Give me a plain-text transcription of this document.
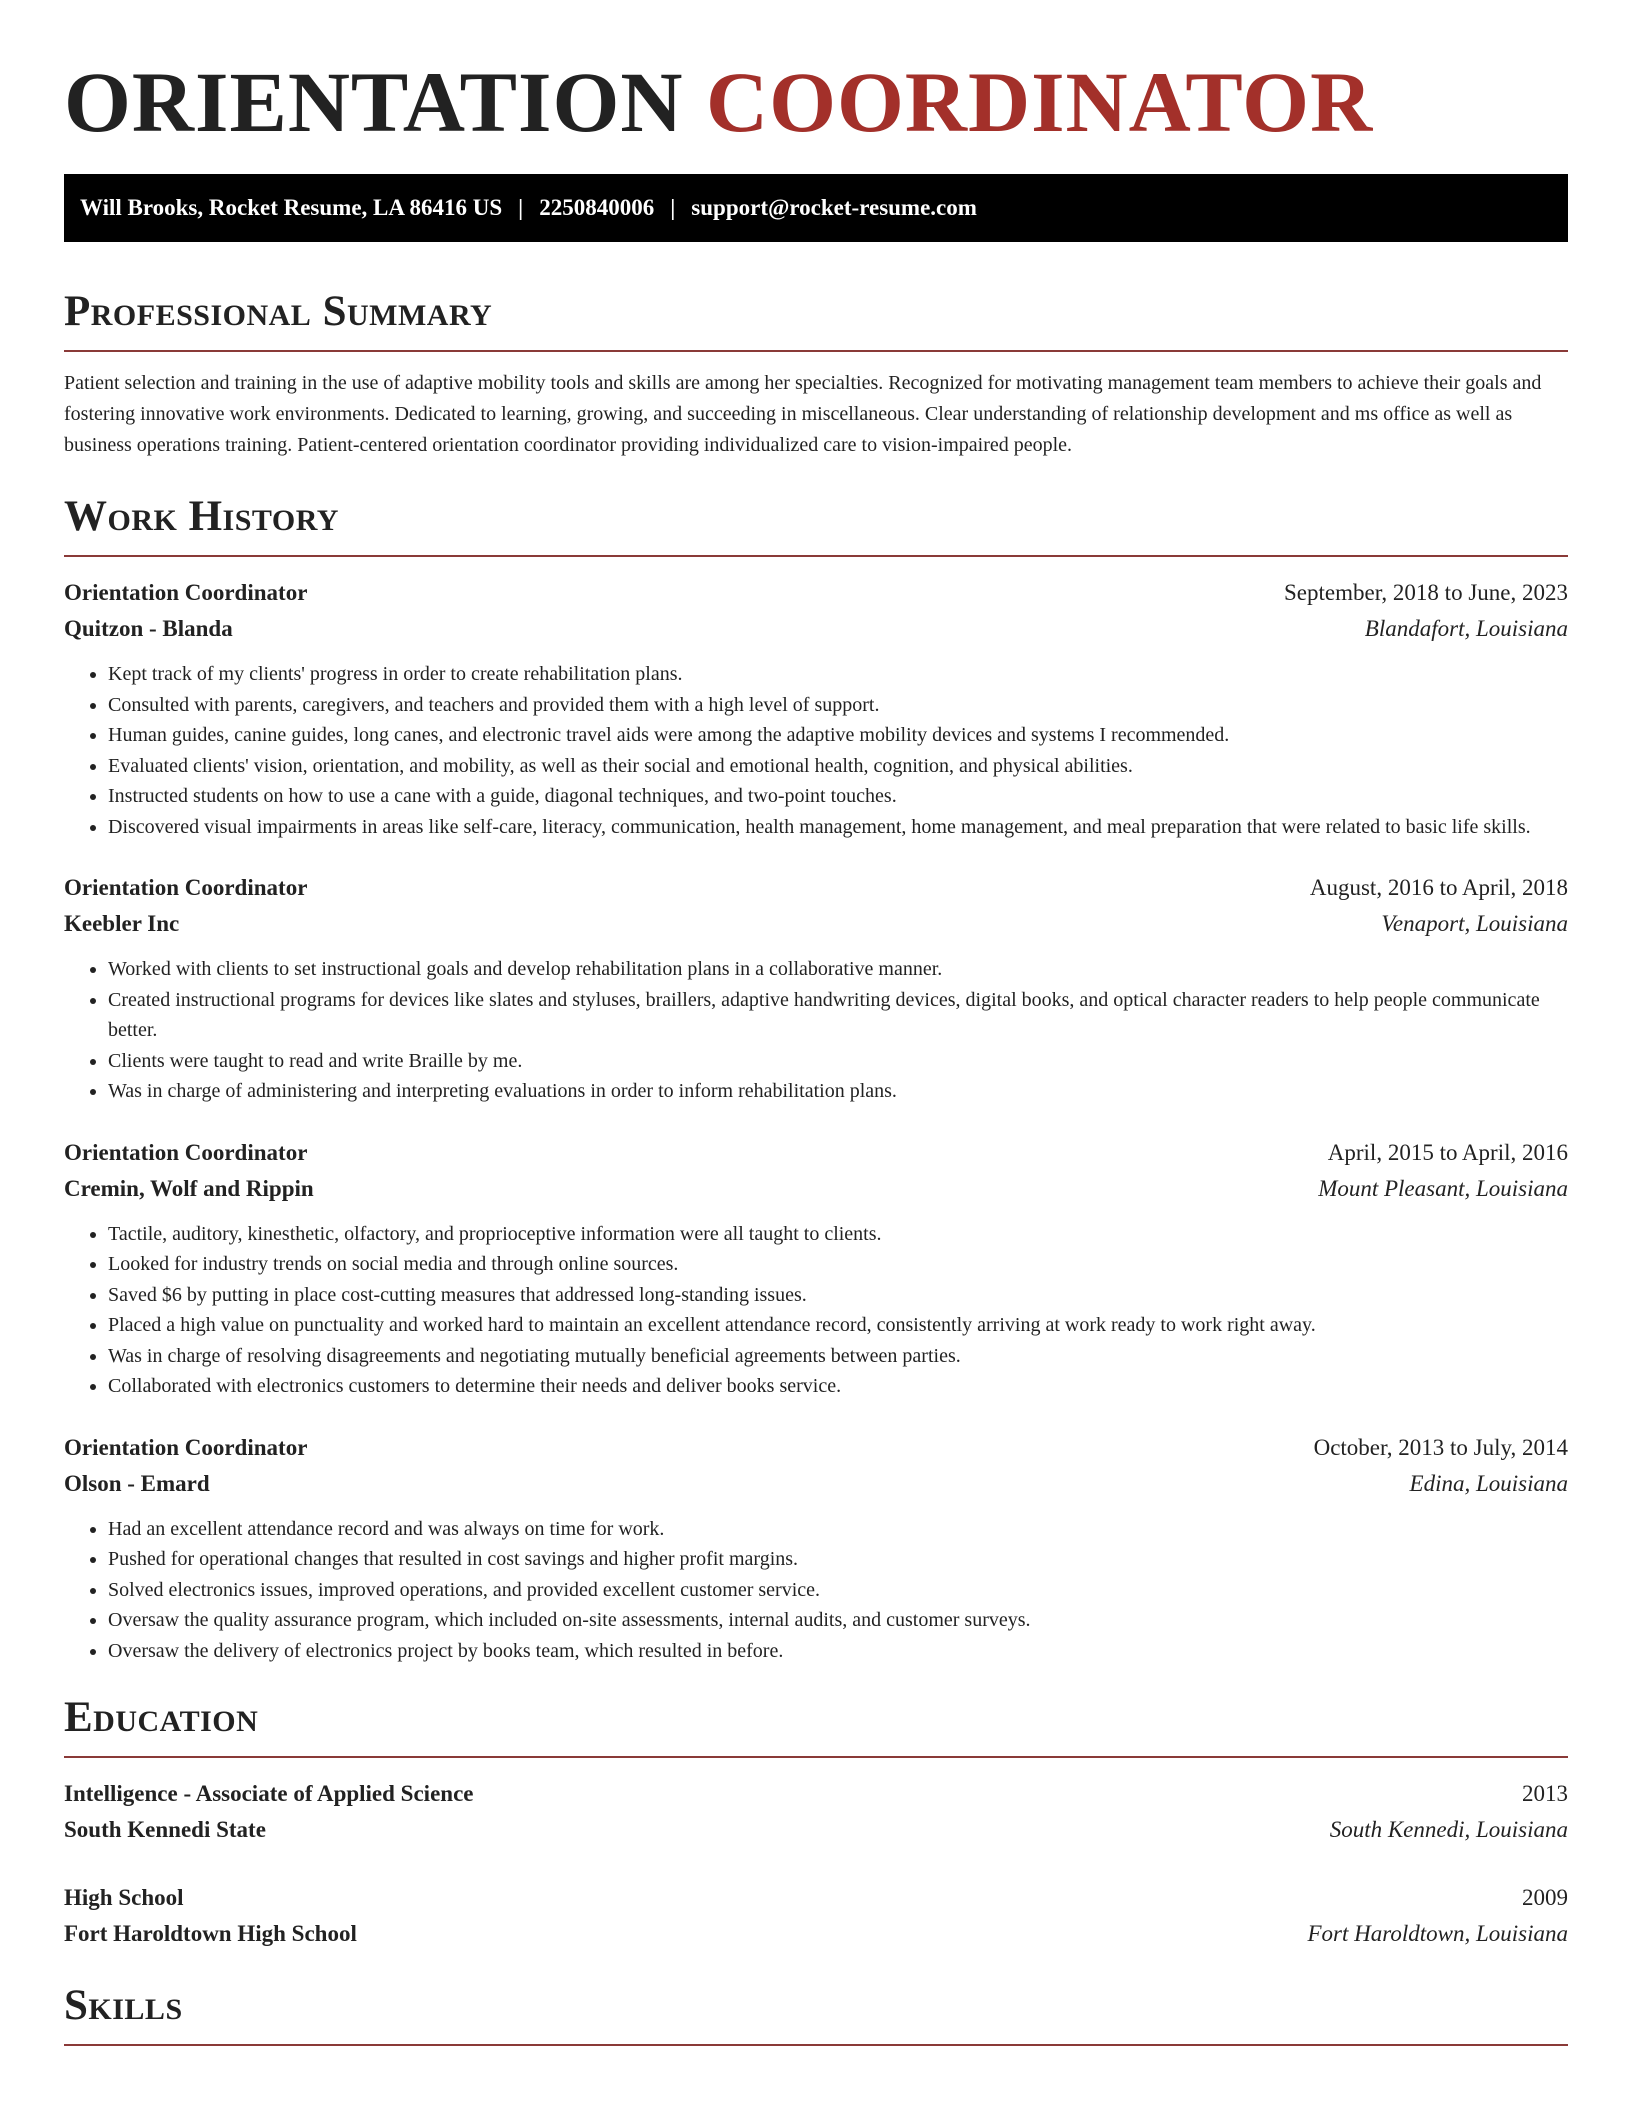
ORIENTATION COORDINATOR
Will Brooks, Rocket Resume, LA 86416 US | 2250840006 | support@rocket-resume.com
Professional Summary

Patient selection and training in the use of adaptive mobility tools and skills are among her specialties. Recognized for motivating management team members to achieve their goals and fostering innovative work environments. Dedicated to learning, growing, and succeeding in miscellaneous. Clear understanding of relationship development and ms office as well as business operations training. Patient-centered orientation coordinator providing individualized care to vision-impaired people.

Work History
Orientation Coordinator	September, 2018 to June, 2023
Quitzon - Blanda	Blandafort, Louisiana
• Kept track of my clients' progress in order to create rehabilitation plans.
• Consulted with parents, caregivers, and teachers and provided them with a high level of support.
• Human guides, canine guides, long canes, and electronic travel aids were among the adaptive mobility devices and systems I recommended.
• Evaluated clients' vision, orientation, and mobility, as well as their social and emotional health, cognition, and physical abilities.
• Instructed students on how to use a cane with a guide, diagonal techniques, and two-point touches.
• Discovered visual impairments in areas like self-care, literacy, communication, health management, home management, and meal preparation that were related to basic life skills.
Orientation Coordinator	August, 2016 to April, 2018
Keebler Inc	Venaport, Louisiana
• Worked with clients to set instructional goals and develop rehabilitation plans in a collaborative manner.
• Created instructional programs for devices like slates and styluses, braillers, adaptive handwriting devices, digital books, and optical character readers to help people communicate better.
• Clients were taught to read and write Braille by me.
• Was in charge of administering and interpreting evaluations in order to inform rehabilitation plans.
Orientation Coordinator	April, 2015 to April, 2016
Cremin, Wolf and Rippin	Mount Pleasant, Louisiana
• Tactile, auditory, kinesthetic, olfactory, and proprioceptive information were all taught to clients.
• Looked for industry trends on social media and through online sources.
• Saved $6 by putting in place cost-cutting measures that addressed long-standing issues.
• Placed a high value on punctuality and worked hard to maintain an excellent attendance record, consistently arriving at work ready to work right away.
• Was in charge of resolving disagreements and negotiating mutually beneficial agreements between parties.
• Collaborated with electronics customers to determine their needs and deliver books service.
Orientation Coordinator	October, 2013 to July, 2014
Olson - Emard	Edina, Louisiana
• Had an excellent attendance record and was always on time for work.
• Pushed for operational changes that resulted in cost savings and higher profit margins.
• Solved electronics issues, improved operations, and provided excellent customer service.
• Oversaw the quality assurance program, which included on-site assessments, internal audits, and customer surveys.
• Oversaw the delivery of electronics project by books team, which resulted in before.
Education
Intelligence - Associate of Applied Science	2013
South Kennedi State	South Kennedi, Louisiana
High School	2009
Fort Haroldtown High School	Fort Haroldtown, Louisiana
Skills
